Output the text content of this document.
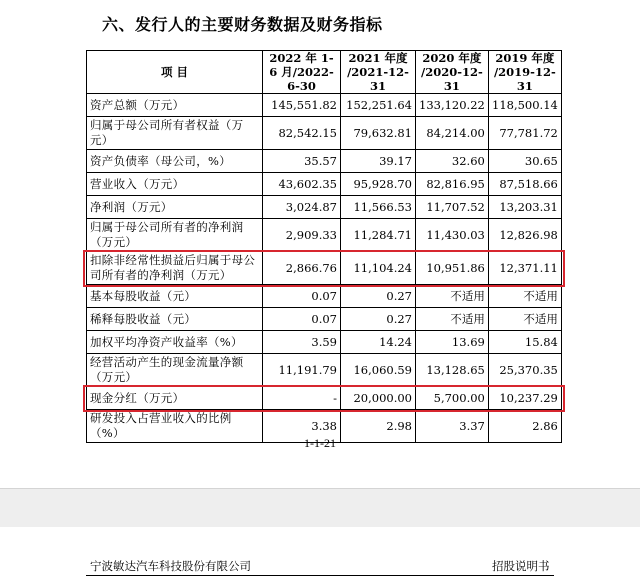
六、发行人的主要财务数据及财务指标
项 目	2022 年 1-6 月/2022-6-30	2021 年度 /2021-12-31	2020 年度 /2020-12-31	2019 年度 /2019-12-31
资产总额（万元）	145,551.82	152,251.64	133,120.22	118,500.14
归属于母公司所有者权益（万元）	82,542.15	79,632.81	84,214.00	77,781.72
资产负债率（母公司，%）	35.57	39.17	32.60	30.65
营业收入（万元）	43,602.35	95,928.70	82,816.95	87,518.66
净利润（万元）	3,024.87	11,566.53	11,707.52	13,203.31
归属于母公司所有者的净利润（万元）	2,909.33	11,284.71	11,430.03	12,826.98
扣除非经常性损益后归属于母公司所有者的净利润（万元）	2,866.76	11,104.24	10,951.86	12,371.11
基本每股收益（元）	0.07	0.27	不适用	不适用
稀释每股收益（元）	0.07	0.27	不适用	不适用
加权平均净资产收益率（%）	3.59	14.24	13.69	15.84
经营活动产生的现金流量净额（万元）	11,191.79	16,060.59	13,128.65	25,370.35
现金分红（万元）	-	20,000.00	5,700.00	10,237.29
研发投入占营业收入的比例（%）	3.38	2.98	3.37	2.86
1-1-21
宁波敏达汽车科技股份有限公司	招股说明书
